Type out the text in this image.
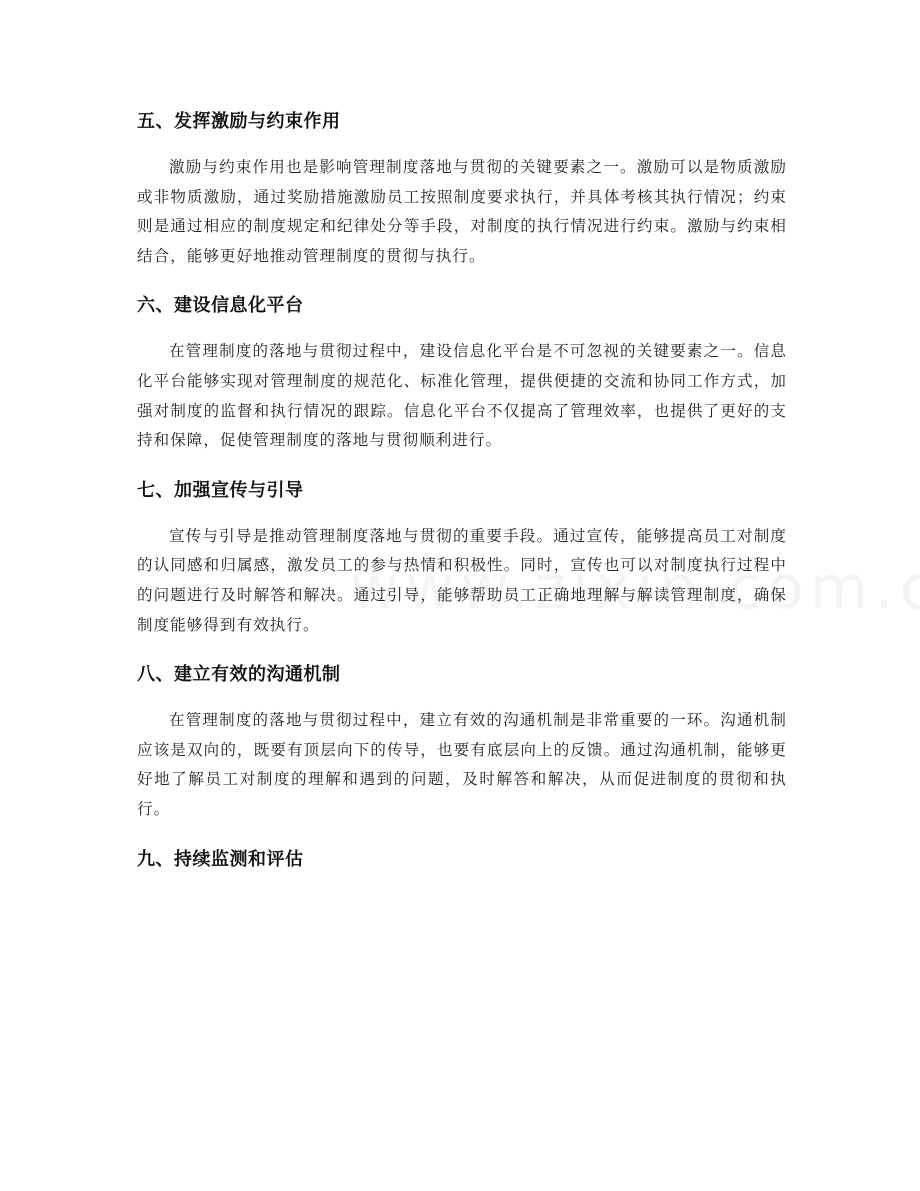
五、发挥激励与约束作用

激励与约束作用也是影响管理制度落地与贯彻的关键要素之一。激励可以是物质激励或非物质激励，通过奖励措施激励员工按照制度要求执行，并具体考核其执行情况；约束则是通过相应的制度规定和纪律处分等手段，对制度的执行情况进行约束。激励与约束相结合，能够更好地推动管理制度的贯彻与执行。

六、建设信息化平台

在管理制度的落地与贯彻过程中，建设信息化平台是不可忽视的关键要素之一。信息化平台能够实现对管理制度的规范化、标准化管理，提供便捷的交流和协同工作方式，加强对制度的监督和执行情况的跟踪。信息化平台不仅提高了管理效率，也提供了更好的支持和保障，促使管理制度的落地与贯彻顺利进行。

七、加强宣传与引导

宣传与引导是推动管理制度落地与贯彻的重要手段。通过宣传，能够提高员工对制度的认同感和归属感，激发员工的参与热情和积极性。同时，宣传也可以对制度执行过程中的问题进行及时解答和解决。通过引导，能够帮助员工正确地理解与解读管理制度，确保制度能够得到有效执行。

八、建立有效的沟通机制

在管理制度的落地与贯彻过程中，建立有效的沟通机制是非常重要的一环。沟通机制应该是双向的，既要有顶层向下的传导，也要有底层向上的反馈。通过沟通机制，能够更好地了解员工对制度的理解和遇到的问题，及时解答和解决，从而促进制度的贯彻和执行。

九、持续监测和评估
